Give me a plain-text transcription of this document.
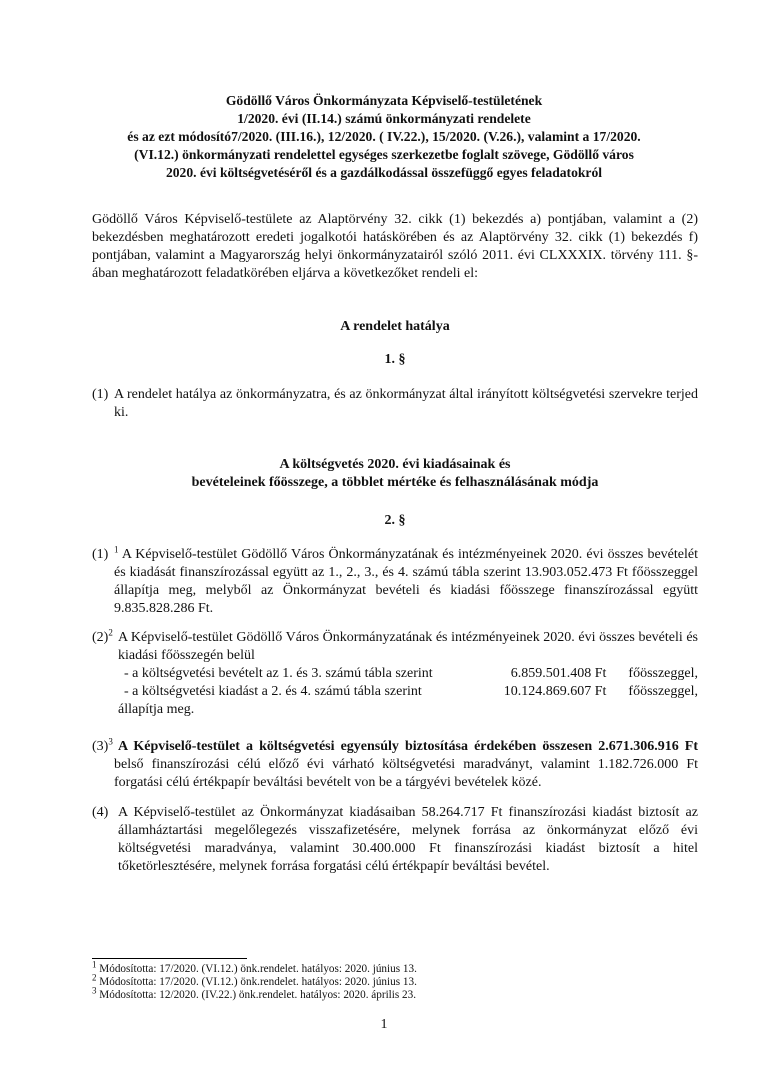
Gödöllő Város Önkormányzata Képviselő-testületének
1/2020. évi (II.14.) számú önkormányzati rendelete
és az ezt módosító7/2020. (III.16.), 12/2020. ( IV.22.), 15/2020. (V.26.), valamint a 17/2020.
(VI.12.) önkormányzati rendelettel egységes szerkezetbe foglalt szövege, Gödöllő város
2020. évi költségvetéséről és a gazdálkodással összefüggő egyes feladatokról
Gödöllő Város Képviselő-testülete az Alaptörvény 32. cikk (1) bekezdés a) pontjában, valamint a (2) bekezdésben meghatározott eredeti jogalkotói hatáskörében és az Alaptörvény 32. cikk (1) bekezdés f) pontjában, valamint a Magyarország helyi önkormányzatairól szóló 2011. évi CLXXXIX. törvény 111. §-ában meghatározott feladatkörében eljárva a következőket rendeli el:
A rendelet hatálya
1. §
(1) A rendelet hatálya az önkormányzatra, és az önkormányzat által irányított költségvetési szervekre terjed ki.
A költségvetés 2020. évi kiadásainak és
bevételeinek főösszege, a többlet mértéke és felhasználásának módja
2. §
(1) $^1$ A Képviselő-testület Gödöllő Város Önkormányzatának és intézményeinek 2020. évi összes bevételét és kiadását finanszírozással együtt az 1., 2., 3., és 4. számú tábla szerint 13.903.052.473 Ft főösszeggel állapítja meg, melyből az Önkormányzat bevételi és kiadási főösszege finanszírozással együtt 9.835.828.286 Ft.
$(2)^2$ A Képviselő-testület Gödöllő Város Önkormányzatának és intézményeinek 2020. évi összes bevételi és kiadási főösszegén belül
- a költségvetési bevételt az 1. és 3. számú tábla szerint	6.859.501.408 Ft	főösszeggel,
- a költségvetési kiadást a 2. és 4. számú tábla szerint	10.124.869.607 Ft	főösszeggel,
állapítja meg.
$(3)^3$ A Képviselő-testület a költségvetési egyensúly biztosítása érdekében összesen 2.671.306.916 Ft belső finanszírozási célú előző évi várható költségvetési maradványt, valamint 1.182.726.000 Ft forgatási célú értékpapír beváltási bevételt von be a tárgyévi bevételek közé.
(4) A Képviselő-testület az Önkormányzat kiadásaiban 58.264.717 Ft finanszírozási kiadást biztosít az államháztartási megelőlegezés visszafizetésére, melynek forrása az önkormányzat előző évi költségvetési maradványa, valamint 30.400.000 Ft finanszírozási kiadást biztosít a hitel tőketörlesztésére, melynek forrása forgatási célú értékpapír beváltási bevétel.
$^1$ Módosította: 17/2020. (VI.12.) önk.rendelet. hatályos: 2020. június 13.
$^2$ Módosította: 17/2020. (VI.12.) önk.rendelet. hatályos: 2020. június 13.
$^3$ Módosította: 12/2020. (IV.22.) önk.rendelet. hatályos: 2020. április 23.
1
